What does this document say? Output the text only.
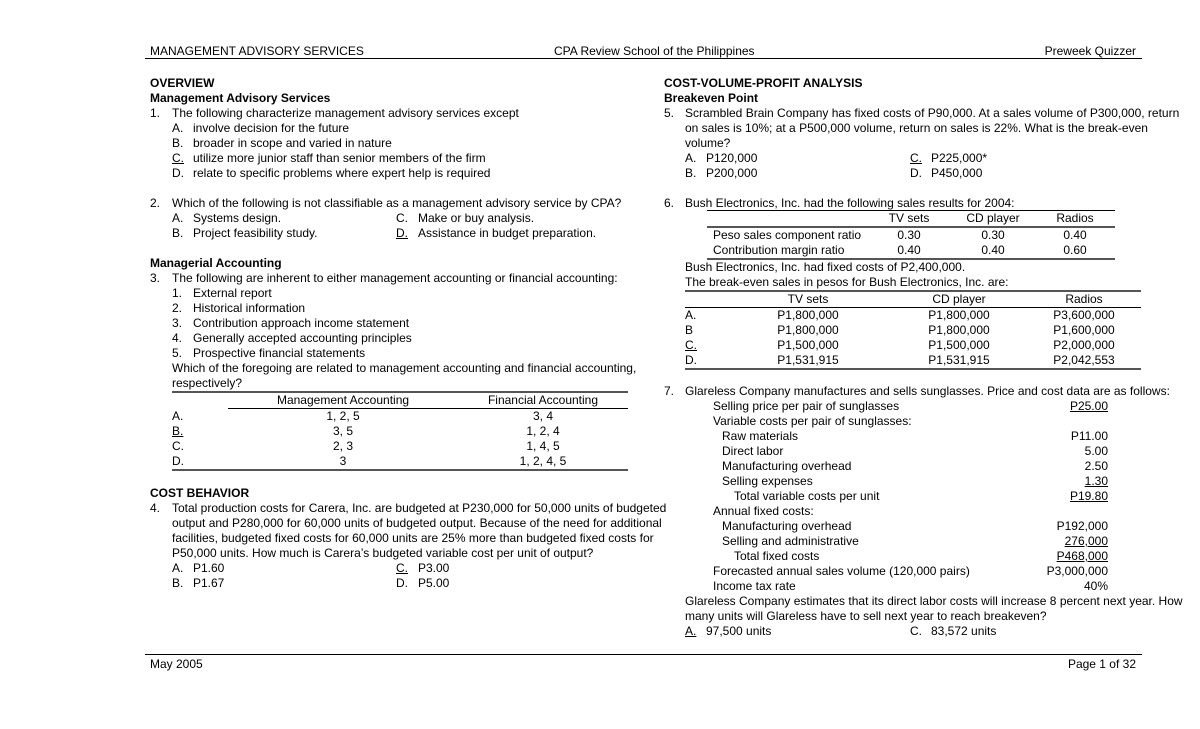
MANAGEMENT ADVISORY SERVICES	CPA Review School of the Philippines	Preweek Quizzer
OVERVIEW
Management Advisory Services
1. The following characterize management advisory services except
A. involve decision for the future
B. broader in scope and varied in nature
C. utilize more junior staff than senior members of the firm
D. relate to specific problems where expert help is required
2. Which of the following is not classifiable as a management advisory service by CPA?
A. Systems design.	C. Make or buy analysis.
B. Project feasibility study.	D. Assistance in budget preparation.
Managerial Accounting
3. The following are inherent to either management accounting or financial accounting:
1. External report
2. Historical information
3. Contribution approach income statement
4. Generally accepted accounting principles
5. Prospective financial statements
Which of the foregoing are related to management accounting and financial accounting,
respectively?
	Management Accounting	Financial Accounting
A.	1, 2, 5	3, 4
B.	3, 5	1, 2, 4
C.	2, 3	1, 4, 5
D.	3	1, 2, 4, 5
COST BEHAVIOR
4. Total production costs for Carera, Inc. are budgeted at P230,000 for 50,000 units of budgeted
output and P280,000 for 60,000 units of budgeted output. Because of the need for additional
facilities, budgeted fixed costs for 60,000 units are 25% more than budgeted fixed costs for
P50,000 units. How much is Carera’s budgeted variable cost per unit of output?
A. P1.60	C. P3.00
B. P1.67	D. P5.00
COST-VOLUME-PROFIT ANALYSIS
Breakeven Point
5. Scrambled Brain Company has fixed costs of P90,000. At a sales volume of P300,000, return
on sales is 10%; at a P500,000 volume, return on sales is 22%. What is the break-even
volume?
A. P120,000	C. P225,000*
B. P200,000	D. P450,000
6. Bush Electronics, Inc. had the following sales results for 2004:
	TV sets	CD player	Radios
Peso sales component ratio	0.30	0.30	0.40
Contribution margin ratio	0.40	0.40	0.60
Bush Electronics, Inc. had fixed costs of P2,400,000.
The break-even sales in pesos for Bush Electronics, Inc. are:
	TV sets	CD player	Radios
A.	P1,800,000	P1,800,000	P3,600,000
B	P1,800,000	P1,800,000	P1,600,000
C.	P1,500,000	P1,500,000	P2,000,000
D.	P1,531,915	P1,531,915	P2,042,553
7. Glareless Company manufactures and sells sunglasses. Price and cost data are as follows:
Selling price per pair of sunglasses	P25.00
Variable costs per pair of sunglasses:
Raw materials	P11.00
Direct labor	5.00
Manufacturing overhead	2.50
Selling expenses	1.30
Total variable costs per unit	P19.80
Annual fixed costs:
Manufacturing overhead	P192,000
Selling and administrative	276,000
Total fixed costs	P468,000
Forecasted annual sales volume (120,000 pairs)	P3,000,000
Income tax rate	40%
Glareless Company estimates that its direct labor costs will increase 8 percent next year. How
many units will Glareless have to sell next year to reach breakeven?
A. 97,500 units	C. 83,572 units
May 2005	Page 1 of 32
